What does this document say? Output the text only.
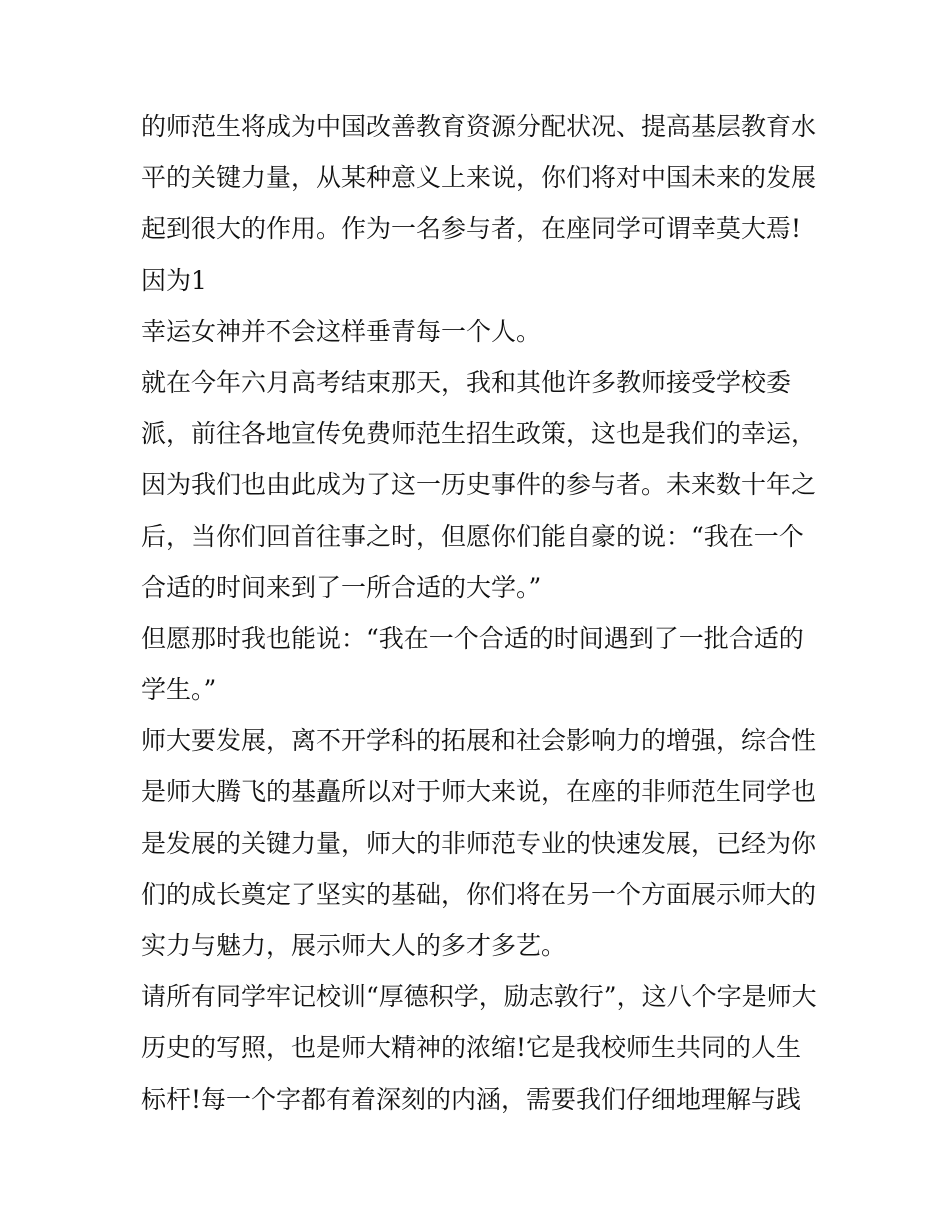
的师范生将成为中国改善教育资源分配状况、提高基层教育水
平的关键力量，从某种意义上来说，你们将对中国未来的发展
起到很大的作用。作为一名参与者，在座同学可谓幸莫大焉!
因为1
幸运女神并不会这样垂青每一个人。
就在今年六月高考结束那天，我和其他许多教师接受学校委
派，前往各地宣传免费师范生招生政策，这也是我们的幸运，
因为我们也由此成为了这一历史事件的参与者。未来数十年之
后，当你们回首往事之时，但愿你们能自豪的说：“我在一个
合适的时间来到了一所合适的大学。”
但愿那时我也能说：“我在一个合适的时间遇到了一批合适的
学生。”
师大要发展，离不开学科的拓展和社会影响力的增强，综合性
是师大腾飞的基矗所以对于师大来说，在座的非师范生同学也
是发展的关键力量，师大的非师范专业的快速发展，已经为你
们的成长奠定了坚实的基础，你们将在另一个方面展示师大的
实力与魅力，展示师大人的多才多艺。
请所有同学牢记校训“厚德积学，励志敦行”，这八个字是师大
历史的写照，也是师大精神的浓缩!它是我校师生共同的人生
标杆!每一个字都有着深刻的内涵，需要我们仔细地理解与践
